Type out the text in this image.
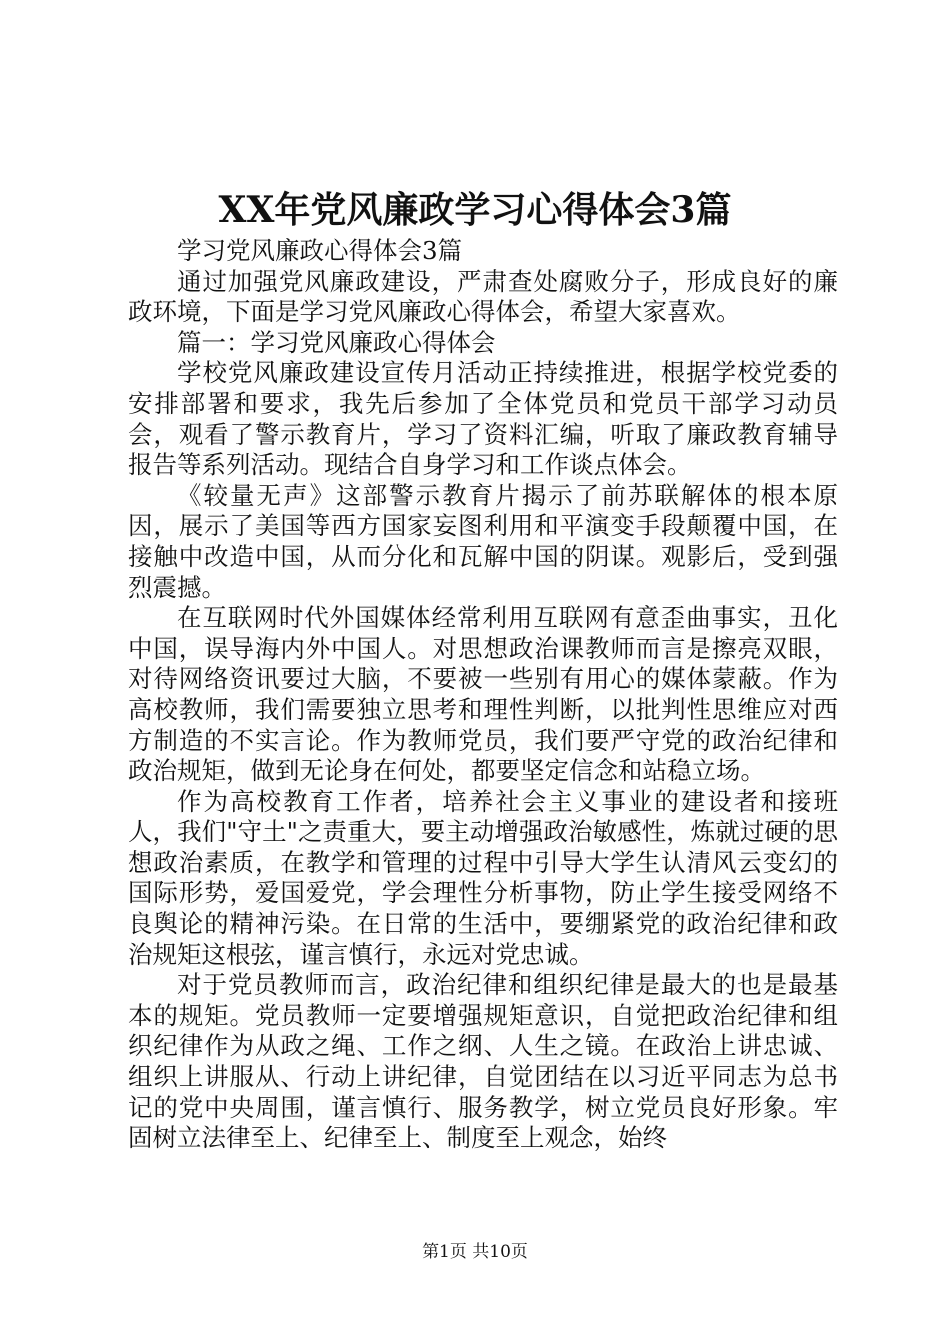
XX年党风廉政学习心得体会3篇

学习党风廉政心得体会3篇

通过加强党风廉政建设，严肃查处腐败分子，形成良好的廉政环境，下面是学习党风廉政心得体会，希望大家喜欢。

篇一：学习党风廉政心得体会

学校党风廉政建设宣传月活动正持续推进，根据学校党委的安排部署和要求，我先后参加了全体党员和党员干部学习动员会，观看了警示教育片，学习了资料汇编，听取了廉政教育辅导报告等系列活动。现结合自身学习和工作谈点体会。

《较量无声》这部警示教育片揭示了前苏联解体的根本原因，展示了美国等西方国家妄图利用和平演变手段颠覆中国，在接触中改造中国，从而分化和瓦解中国的阴谋。观影后，受到强烈震撼。

在互联网时代外国媒体经常利用互联网有意歪曲事实，丑化中国，误导海内外中国人。对思想政治课教师而言是擦亮双眼，对待网络资讯要过大脑，不要被一些别有用心的媒体蒙蔽。作为高校教师，我们需要独立思考和理性判断，以批判性思维应对西方制造的不实言论。作为教师党员，我们要严守党的政治纪律和政治规矩，做到无论身在何处，都要坚定信念和站稳立场。

作为高校教育工作者，培养社会主义事业的建设者和接班人，我们"守土"之责重大，要主动增强政治敏感性，炼就过硬的思想政治素质，在教学和管理的过程中引导大学生认清风云变幻的国际形势，爱国爱党，学会理性分析事物，防止学生接受网络不良舆论的精神污染。在日常的生活中，要绷紧党的政治纪律和政治规矩这根弦，谨言慎行，永远对党忠诚。

对于党员教师而言，政治纪律和组织纪律是最大的也是最基本的规矩。党员教师一定要增强规矩意识，自觉把政治纪律和组织纪律作为从政之绳、工作之纲、人生之镜。在政治上讲忠诚、组织上讲服从、行动上讲纪律，自觉团结在以习近平同志为总书记的党中央周围，谨言慎行、服务教学，树立党员良好形象。牢固树立法律至上、纪律至上、制度至上观念，始终

第1页 共10页
